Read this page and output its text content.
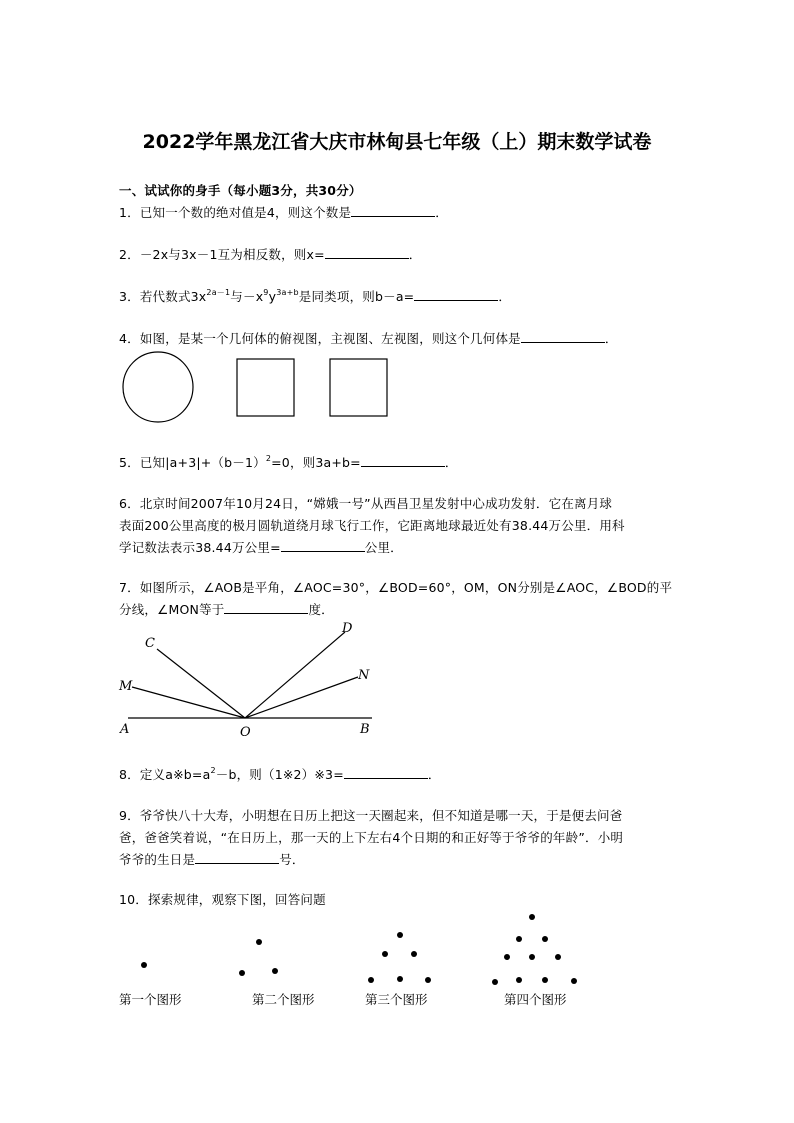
2022学年黑龙江省大庆市林甸县七年级（上）期末数学试卷
一、试试你的身手（每小题3分，共30分）
1．已知一个数的绝对值是4，则这个数是	．
2．－2x与3x－1互为相反数，则x=	．
3．若代数式$3x^{2a-1}$与$-x^9y^{3a+b}$是同类项，则b－a=	．
4．如图，是某一个几何体的俯视图，主视图、左视图，则这个几何体是	．
5．已知$|a+3|+(b-1)^2=0$，则3a+b=	．
6．北京时间2007年10月24日，“嫦娥一号”从西昌卫星发射中心成功发射．它在离月球
表面200公里高度的极月圆轨道绕月球飞行工作，它距离地球最近处有38.44万公里．用科
学记数法表示38.44万公里=	公里．
7．如图所示，∠AOB是平角，∠AOC=30°，∠BOD=60°，OM，ON分别是∠AOC，∠BOD的平
分线，∠MON等于	度．
A	O	B
C
D
M
N
8．定义$a※b=a^2-b$，则（1※2）※3=	．
9．爷爷快八十大寿，小明想在日历上把这一天圈起来，但不知道是哪一天，于是便去问爸
爸，爸爸笑着说，“在日历上，那一天的上下左右4个日期的和正好等于爷爷的年龄”．小明
爷爷的生日是	号．
10．探索规律，观察下图，回答问题
第一个图形	第二个图形	第三个图形	第四个图形
